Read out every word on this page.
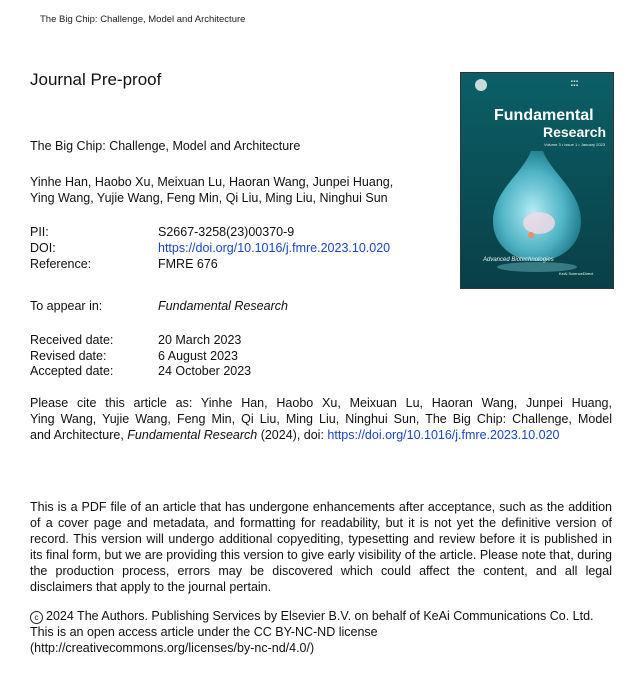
The Big Chip: Challenge, Model and Architecture
Journal Pre-proof
The Big Chip: Challenge, Model and Architecture
Yinhe Han, Haobo Xu, Meixuan Lu, Haoran Wang, Junpei Huang,
Ying Wang, Yujie Wang, Feng Min, Qi Liu, Ming Liu, Ninghui Sun
■ ■ ■
■ ■ ■
Fundamental
Research
Volume 3 • Issue 1 • January 2023
Advanced Biotechnologies
KeAi ScienceDirect
PII:	S2667-3258(23)00370-9
DOI:	https://doi.org/10.1016/j.fmre.2023.10.020
Reference:	FMRE 676
To appear in:	Fundamental Research
Received date:	20 March 2023
Revised date:	6 August 2023
Accepted date:	24 October 2023
Please cite this article as: Yinhe Han, Haobo Xu, Meixuan Lu, Haoran Wang, Junpei Huang,
Ying Wang, Yujie Wang, Feng Min, Qi Liu, Ming Liu, Ninghui Sun, The Big Chip: Challenge, Model
and Architecture, Fundamental Research (2024), doi: https://doi.org/10.1016/j.fmre.2023.10.020
This is a PDF file of an article that has undergone enhancements after acceptance, such as the addition of a cover page and metadata, and formatting for readability, but it is not yet the definitive version of record. This version will undergo additional copyediting, typesetting and review before it is published in its final form, but we are providing this version to give early visibility of the article. Please note that, during the production process, errors may be discovered which could affect the content, and all legal disclaimers that apply to the journal pertain.
c 2024 The Authors. Publishing Services by Elsevier B.V. on behalf of KeAi Communications Co. Ltd.
This is an open access article under the CC BY-NC-ND license
(http://creativecommons.org/licenses/by-nc-nd/4.0/)
